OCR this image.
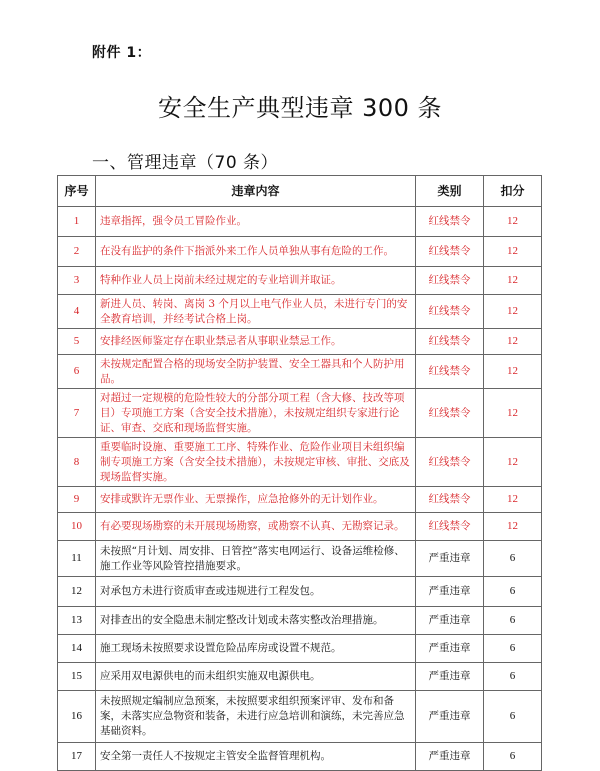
附件 1：
安全生产典型违章 300 条
一、管理违章（70 条）
序号	违章内容	类别	扣分
1	违章指挥，强令员工冒险作业。	红线禁令	12
2	在没有监护的条件下指派外来工作人员单独从事有危险的工作。	红线禁令	12
3	特种作业人员上岗前未经过规定的专业培训并取证。	红线禁令	12
4	新进人员、转岗、离岗 3 个月以上电气作业人员，未进行专门的安全教育培训，并经考试合格上岗。	红线禁令	12
5	安排经医师鉴定存在职业禁忌者从事职业禁忌工作。	红线禁令	12
6	未按规定配置合格的现场安全防护装置、安全工器具和个人防护用品。	红线禁令	12
7	对超过一定规模的危险性较大的分部分项工程（含大修、技改等项目）专项施工方案（含安全技术措施），未按规定组织专家进行论证、审查、交底和现场监督实施。	红线禁令	12
8	重要临时设施、重要施工工序、特殊作业、危险作业项目未组织编制专项施工方案（含安全技术措施），未按规定审核、审批、交底及现场监督实施。	红线禁令	12
9	安排或默许无票作业、无票操作，应急抢修外的无计划作业。	红线禁令	12
10	有必要现场勘察的未开展现场勘察，或勘察不认真、无勘察记录。	红线禁令	12
11	未按照“月计划、周安排、日管控”落实电网运行、设备运维检修、施工作业等风险管控措施要求。	严重违章	6
12	对承包方未进行资质审查或违规进行工程发包。	严重违章	6
13	对排查出的安全隐患未制定整改计划或未落实整改治理措施。	严重违章	6
14	施工现场未按照要求设置危险品库房或设置不规范。	严重违章	6
15	应采用双电源供电的而未组织实施双电源供电。	严重违章	6
16	未按照规定编制应急预案，未按照要求组织预案评审、发布和备案，未落实应急物资和装备，未进行应急培训和演练，未完善应急基础资料。	严重违章	6
17	安全第一责任人不按规定主管安全监督管理机构。	严重违章	6
